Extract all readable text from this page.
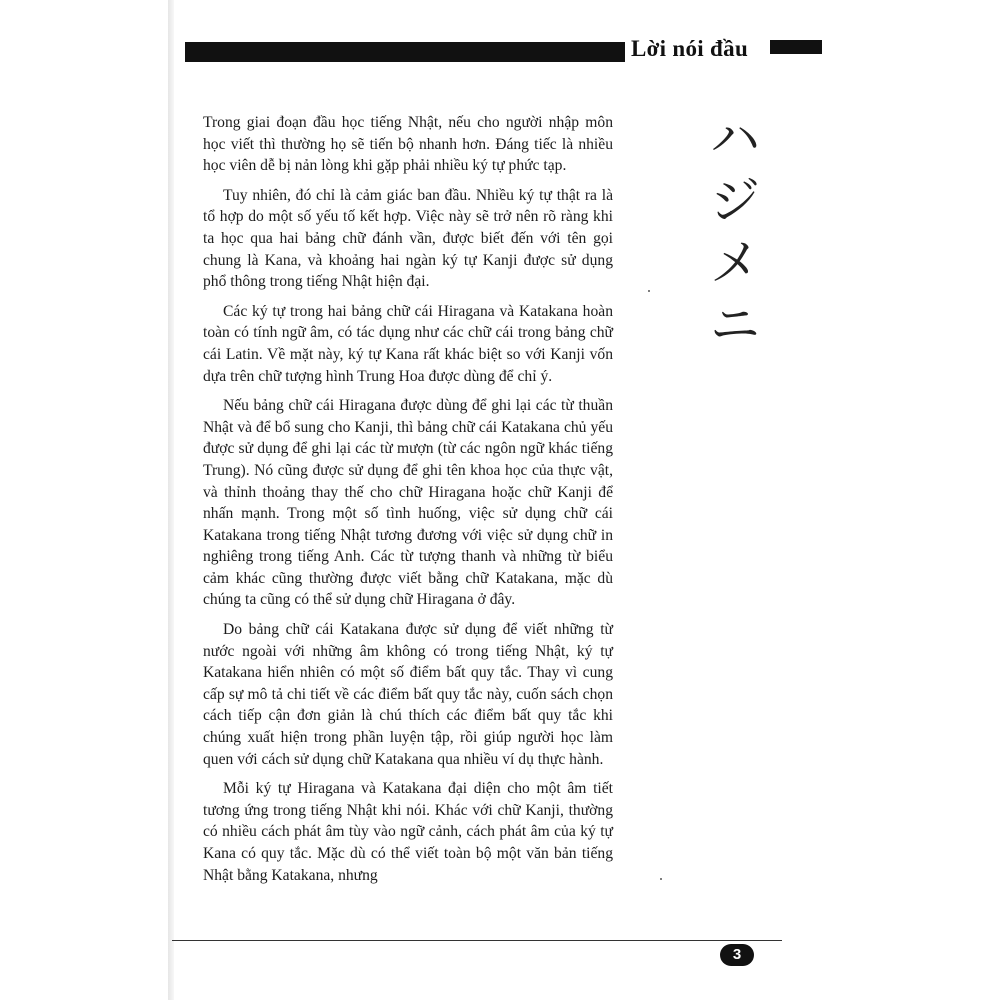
Lời nói đầu

Trong giai đoạn đầu học tiếng Nhật, nếu cho người nhập môn học viết thì thường họ sẽ tiến bộ nhanh hơn. Đáng tiếc là nhiều học viên dễ bị nản lòng khi gặp phải nhiều ký tự phức tạp.

Tuy nhiên, đó chỉ là cảm giác ban đầu. Nhiều ký tự thật ra là tổ hợp do một số yếu tố kết hợp. Việc này sẽ trở nên rõ ràng khi ta học qua hai bảng chữ đánh vần, được biết đến với tên gọi chung là Kana, và khoảng hai ngàn ký tự Kanji được sử dụng phổ thông trong tiếng Nhật hiện đại.

Các ký tự trong hai bảng chữ cái Hiragana và Katakana hoàn toàn có tính ngữ âm, có tác dụng như các chữ cái trong bảng chữ cái Latin. Về mặt này, ký tự Kana rất khác biệt so với Kanji vốn dựa trên chữ tượng hình Trung Hoa được dùng để chỉ ý.

Nếu bảng chữ cái Hiragana được dùng để ghi lại các từ thuần Nhật và để bổ sung cho Kanji, thì bảng chữ cái Katakana chủ yếu được sử dụng để ghi lại các từ mượn (từ các ngôn ngữ khác tiếng Trung). Nó cũng được sử dụng để ghi tên khoa học của thực vật, và thỉnh thoảng thay thế cho chữ Hiragana hoặc chữ Kanji để nhấn mạnh. Trong một số tình huống, việc sử dụng chữ cái Katakana trong tiếng Nhật tương đương với việc sử dụng chữ in nghiêng trong tiếng Anh. Các từ tượng thanh và những từ biểu cảm khác cũng thường được viết bằng chữ Katakana, mặc dù chúng ta cũng có thể sử dụng chữ Hiragana ở đây.

Do bảng chữ cái Katakana được sử dụng để viết những từ nước ngoài với những âm không có trong tiếng Nhật, ký tự Katakana hiển nhiên có một số điểm bất quy tắc. Thay vì cung cấp sự mô tả chi tiết về các điểm bất quy tắc này, cuốn sách chọn cách tiếp cận đơn giản là chú thích các điểm bất quy tắc khi chúng xuất hiện trong phần luyện tập, rồi giúp người học làm quen với cách sử dụng chữ Katakana qua nhiều ví dụ thực hành.

Mỗi ký tự Hiragana và Katakana đại diện cho một âm tiết tương ứng trong tiếng Nhật khi nói. Khác với chữ Kanji, thường có nhiều cách phát âm tùy vào ngữ cảnh, cách phát âm của ký tự Kana có quy tắc. Mặc dù có thể viết toàn bộ một văn bản tiếng Nhật bằng Katakana, nhưng

ハ
ジ
メ
ニ
3
